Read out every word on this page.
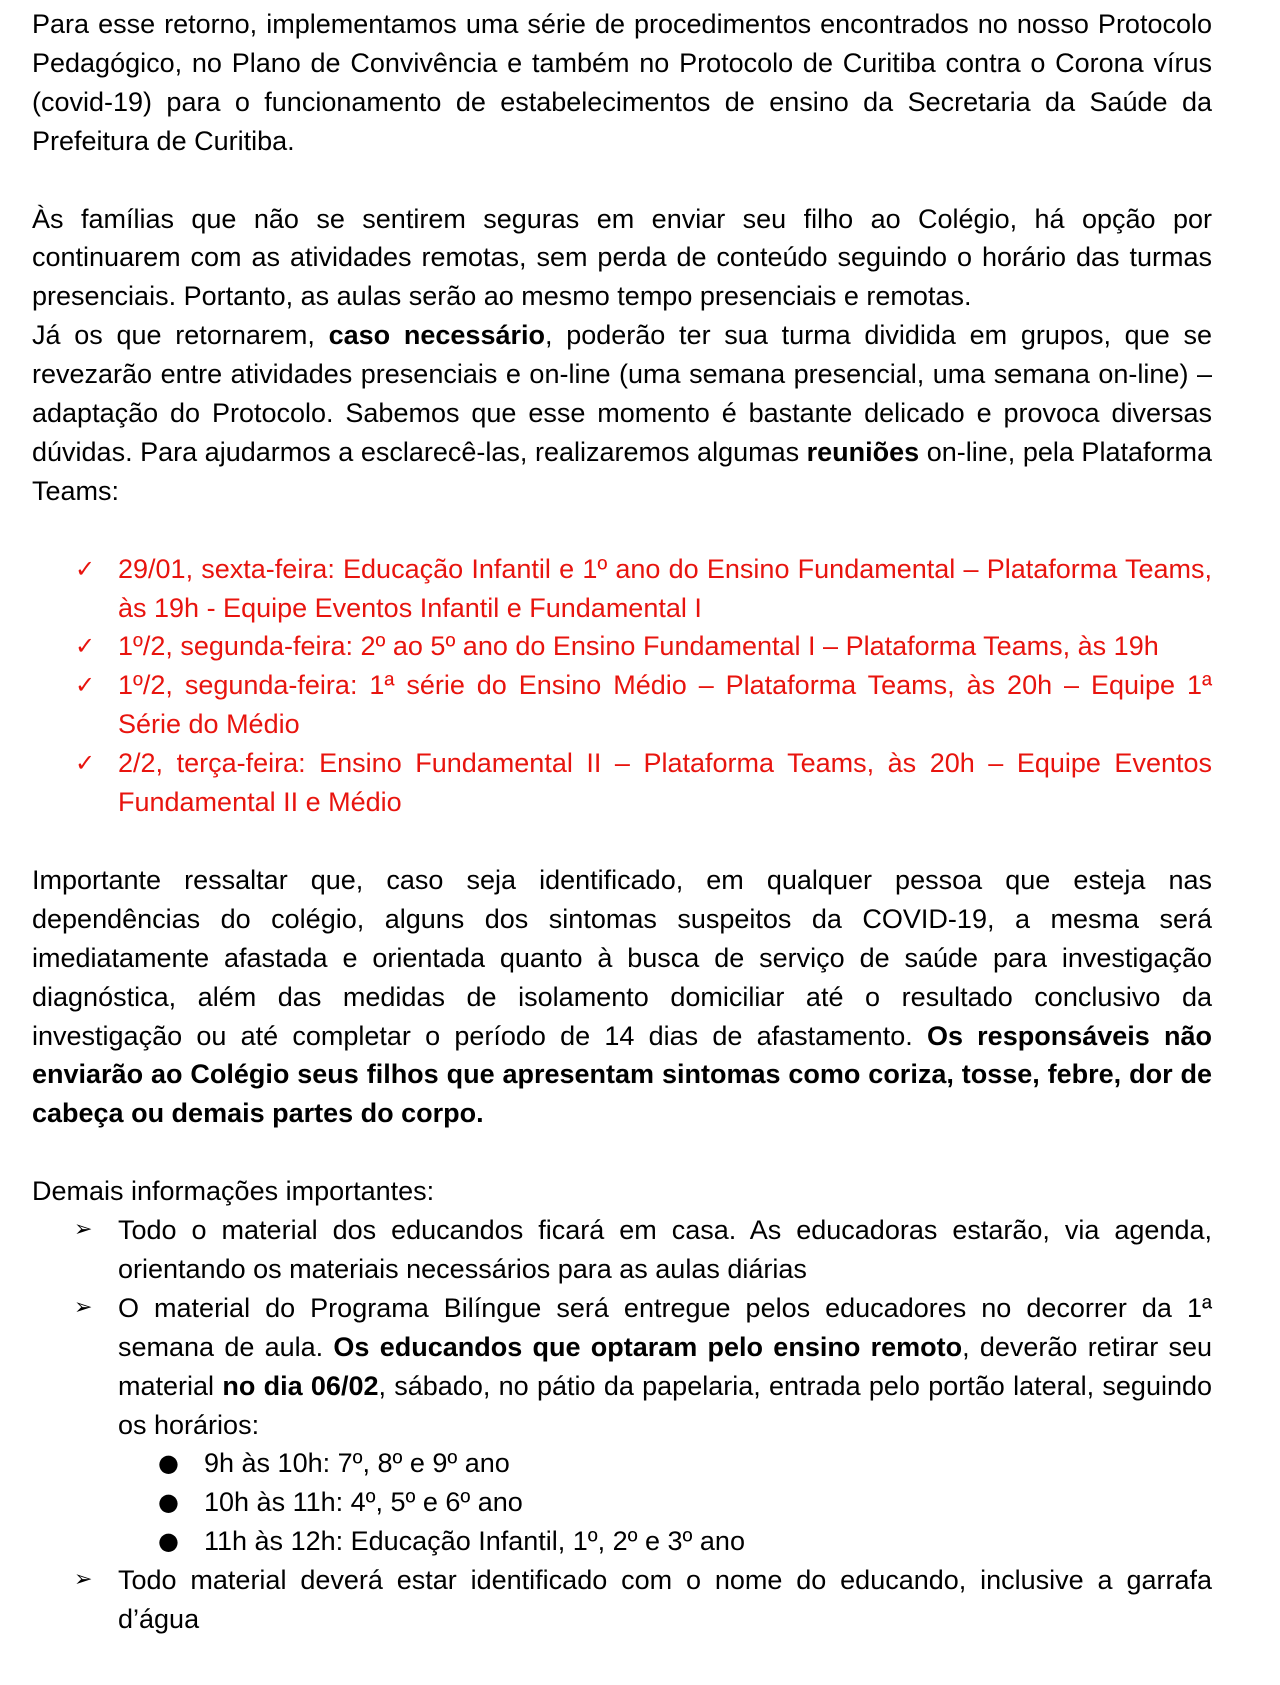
Para esse retorno, implementamos uma série de procedimentos encontrados no nosso Protocolo Pedagógico, no Plano de Convivência e também no Protocolo de Curitiba contra o Corona vírus (covid-19) para o funcionamento de estabelecimentos de ensino da Secretaria da Saúde da Prefeitura de Curitiba.

Às famílias que não se sentirem seguras em enviar seu filho ao Colégio, há opção por continuarem com as atividades remotas, sem perda de conteúdo seguindo o horário das turmas presenciais. Portanto, as aulas serão ao mesmo tempo presenciais e remotas.

Já os que retornarem, caso necessário, poderão ter sua turma dividida em grupos, que se revezarão entre atividades presenciais e on-line (uma semana presencial, uma semana on-line) – adaptação do Protocolo. Sabemos que esse momento é bastante delicado e provoca diversas dúvidas. Para ajudarmos a esclarecê-las, realizaremos algumas reuniões on-line, pela Plataforma Teams:

✓ 29/01, sexta-feira: Educação Infantil e 1º ano do Ensino Fundamental – Plataforma Teams, às 19h - Equipe Eventos Infantil e Fundamental I
✓ 1º/2, segunda-feira: 2º ao 5º ano do Ensino Fundamental I – Plataforma Teams, às 19h
✓ 1º/2, segunda-feira: 1ª série do Ensino Médio – Plataforma Teams, às 20h – Equipe 1ª Série do Médio
✓ 2/2, terça-feira: Ensino Fundamental II – Plataforma Teams, às 20h – Equipe Eventos Fundamental II e Médio

Importante ressaltar que, caso seja identificado, em qualquer pessoa que esteja nas dependências do colégio, alguns dos sintomas suspeitos da COVID-19, a mesma será imediatamente afastada e orientada quanto à busca de serviço de saúde para investigação diagnóstica, além das medidas de isolamento domiciliar até o resultado conclusivo da investigação ou até completar o período de 14 dias de afastamento. Os responsáveis não enviarão ao Colégio seus filhos que apresentam sintomas como coriza, tosse, febre, dor de cabeça ou demais partes do corpo.

Demais informações importantes:

➢ Todo o material dos educandos ficará em casa. As educadoras estarão, via agenda, orientando os materiais necessários para as aulas diárias
➢ O material do Programa Bilíngue será entregue pelos educadores no decorrer da 1ª semana de aula. Os educandos que optaram pelo ensino remoto, deverão retirar seu material no dia 06/02, sábado, no pátio da papelaria, entrada pelo portão lateral, seguindo os horários:
● 9h às 10h: 7º, 8º e 9º ano
● 10h às 11h: 4º, 5º e 6º ano
● 11h às 12h: Educação Infantil, 1º, 2º e 3º ano
➢ Todo material deverá estar identificado com o nome do educando, inclusive a garrafa d’água
